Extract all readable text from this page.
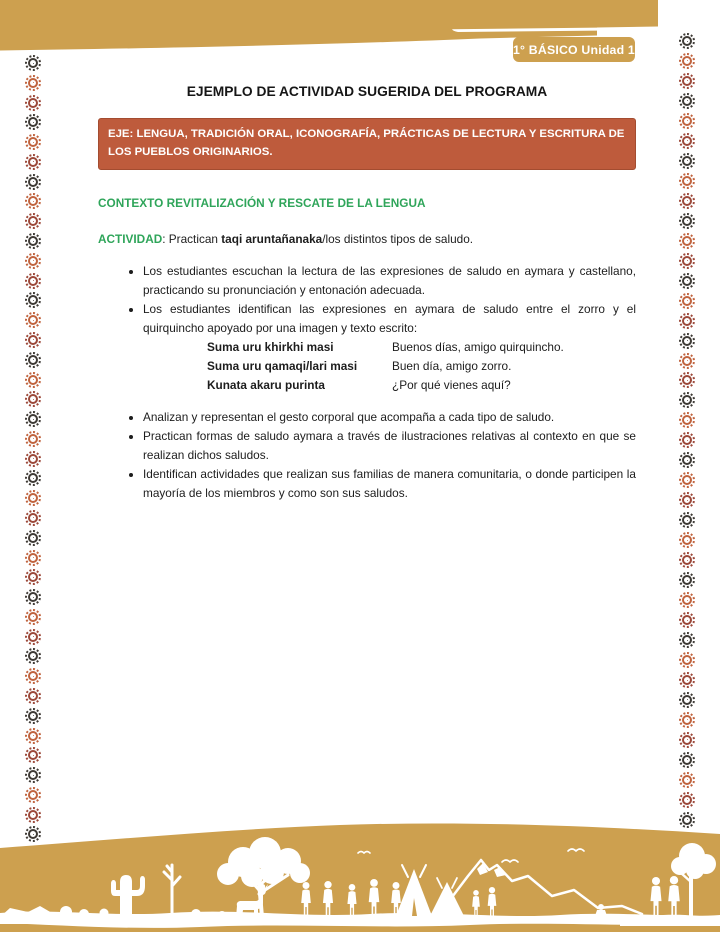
1° BÁSICO Unidad 1
EJEMPLO DE ACTIVIDAD SUGERIDA DEL PROGRAMA
EJE: LENGUA, TRADICIÓN ORAL, ICONOGRAFÍA, PRÁCTICAS DE LECTURA Y ESCRITURA DE LOS PUEBLOS ORIGINARIOS.
CONTEXTO REVITALIZACIÓN Y RESCATE DE LA LENGUA
ACTIVIDAD: Practican taqi aruntañanaka/los distintos tipos de saludo.
• Los estudiantes escuchan la lectura de las expresiones de saludo en aymara y castellano, practicando su pronunciación y entonación adecuada.
• Los estudiantes identifican las expresiones en aymara de saludo entre el zorro y el quirquincho apoyado por una imagen y texto escrito:
Suma uru khirkhi masi	Buenos días, amigo quirquincho.
Suma uru qamaqi/lari masi	Buen día, amigo zorro.
Kunata akaru purinta	¿Por qué vienes aquí?
• Analizan y representan el gesto corporal que acompaña a cada tipo de saludo.
• Practican formas de saludo aymara a través de ilustraciones relativas al contexto en que se realizan dichos saludos.
• Identifican actividades que realizan sus familias de manera comunitaria, o donde participen la mayoría de los miembros y como son sus saludos.
